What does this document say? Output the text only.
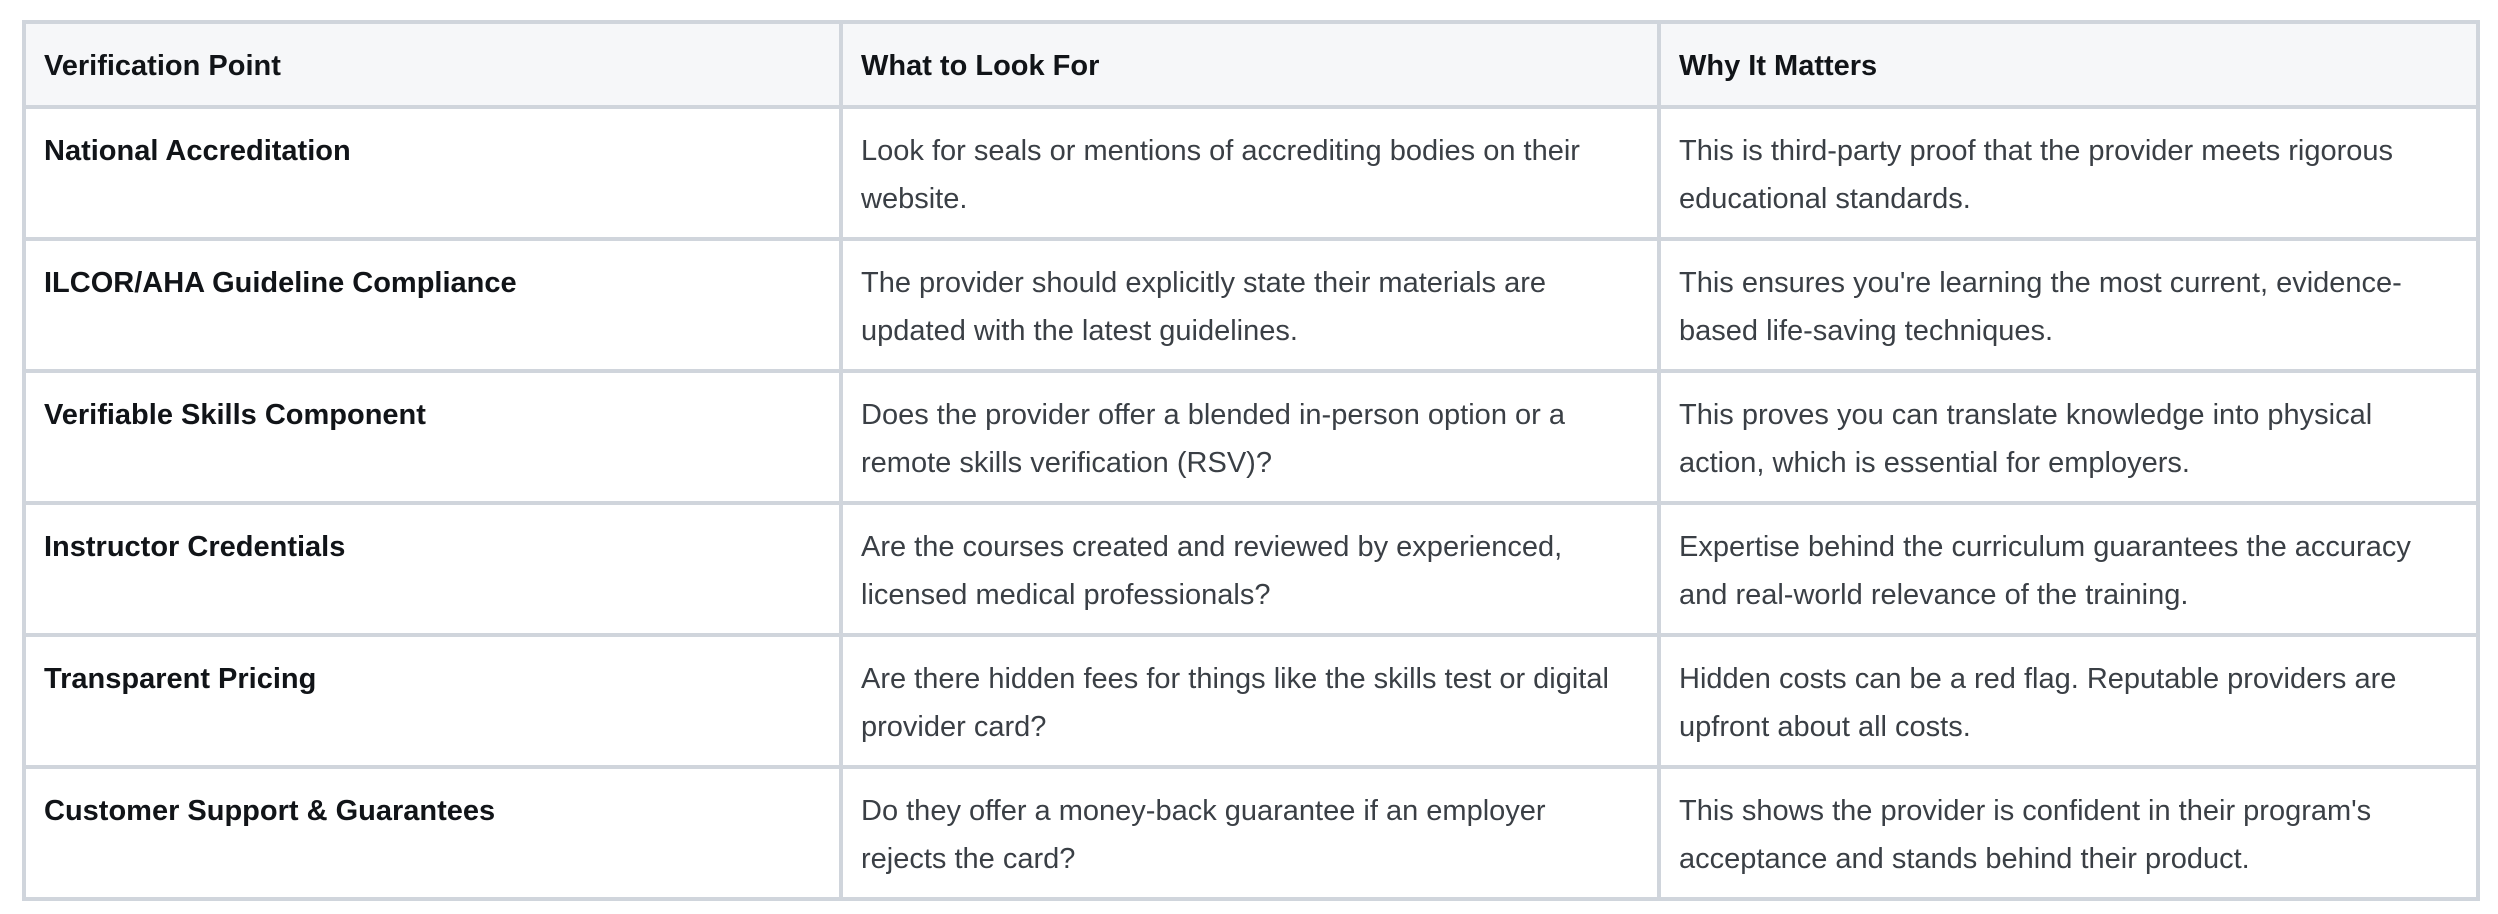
Verification Point	What to Look For	Why It Matters
National Accreditation	Look for seals or mentions of accrediting bodies on their website.	This is third-party proof that the provider meets rigorous educational standards.
ILCOR/AHA Guideline Compliance	The provider should explicitly state their materials are updated with the latest guidelines.	This ensures you're learning the most current, evidence-based life-saving techniques.
Verifiable Skills Component	Does the provider offer a blended in-person option or a remote skills verification (RSV)?	This proves you can translate knowledge into physical action, which is essential for employers.
Instructor Credentials	Are the courses created and reviewed by experienced, licensed medical professionals?	Expertise behind the curriculum guarantees the accuracy and real-world relevance of the training.
Transparent Pricing	Are there hidden fees for things like the skills test or digital provider card?	Hidden costs can be a red flag. Reputable providers are upfront about all costs.
Customer Support & Guarantees	Do they offer a money-back guarantee if an employer rejects the card?	This shows the provider is confident in their program's acceptance and stands behind their product.
